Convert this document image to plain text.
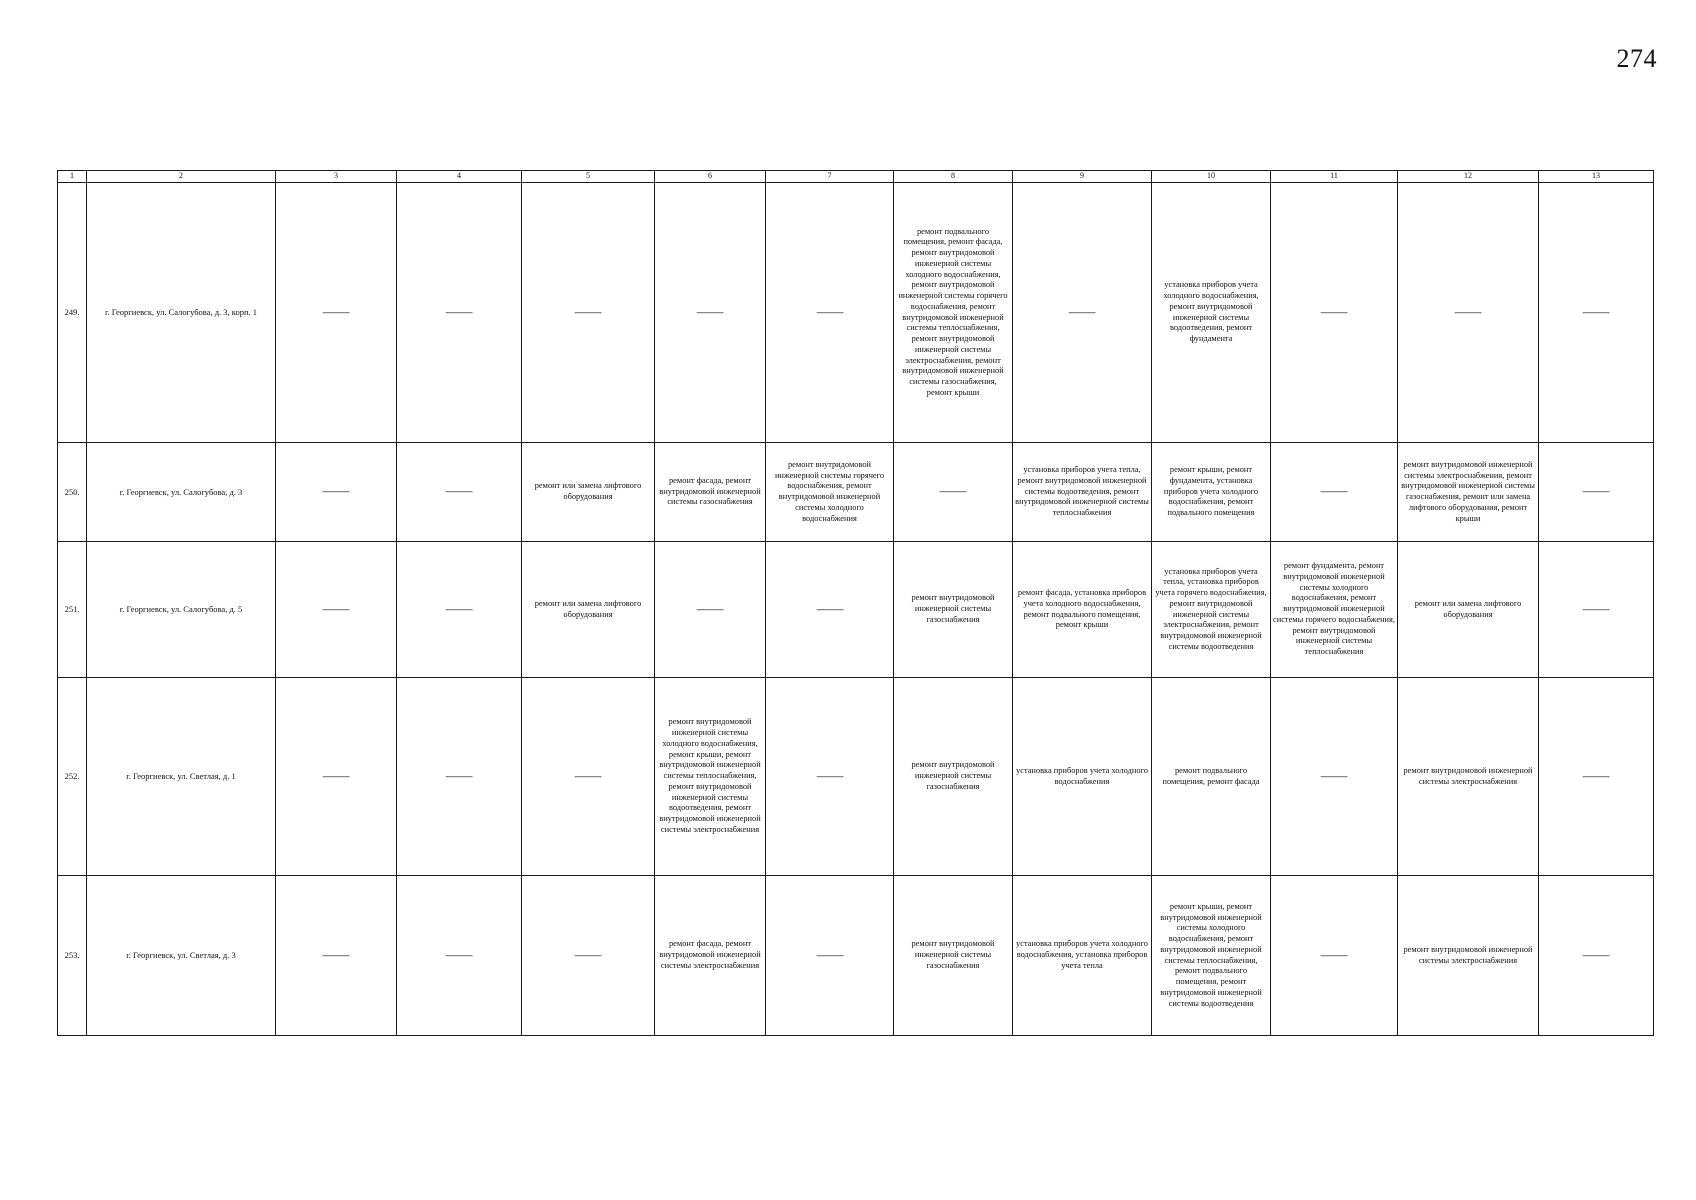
274
1	2	3	4	5	6	7	8	9	10	11	12	13
249.	г. Георгиевск, ул. Салогубова, д. 3, корп. 1	—	—	—	—	—	ремонт подвального помещения, ремонт фасада, ремонт внутридомовой инженерной системы холодного водоснабжения, ремонт внутридомовой инженерной системы горячего водоснабжения, ремонт внутридомовой инженерной системы теплоснабжения, ремонт внутридомовой инженерной системы электроснабжения, ремонт внутридомовой инженерной системы газоснабжения, ремонт крыши	—	установка приборов учета холодного водоснабжения, ремонт внутридомовой инженерной системы водоотведения, ремонт фундамента	—	—	—
250.	г. Георгиевск, ул. Салогубова, д. 3	—	—	ремонт или замена лифтового оборудования	ремонт фасада, ремонт внутридомовой инженерной системы газоснабжения	ремонт внутридомовой инженерной системы горячего водоснабжения, ремонт внутридомовой инженерной системы холодного водоснабжения	—	установка приборов учета тепла, ремонт внутридомовой инженерной системы водоотведения, ремонт внутридомовой инженерной системы теплоснабжения	ремонт крыши, ремонт фундамента, установка приборов учета холодного водоснабжения, ремонт подвального помещения	—	ремонт внутридомовой инженерной системы электроснабжения, ремонт внутридомовой инженерной системы газоснабжения, ремонт или замена лифтового оборудования, ремонт крыши	—
251.	г. Георгиевск, ул. Салогубова, д. 5	—	—	ремонт или замена лифтового оборудования	—	—	ремонт внутридомовой инженерной системы газоснабжения	ремонт фасада, установка приборов учета холодного водоснабжения, ремонт подвального помещения, ремонт крыши	установка приборов учета тепла, установка приборов учета горячего водоснабжения, ремонт внутридомовой инженерной системы электроснабжения, ремонт внутридомовой инженерной системы водоотведения	ремонт фундамента, ремонт внутридомовой инженерной системы холодного водоснабжения, ремонт внутридомовой инженерной системы горячего водоснабжения, ремонт внутридомовой инженерной системы теплоснабжения	ремонт или замена лифтового оборудования	—
252.	г. Георгиевск, ул. Светлая, д. 1	—	—	—	ремонт внутридомовой инженерной системы холодного водоснабжения, ремонт крыши, ремонт внутридомовой инженерной системы теплоснабжения, ремонт внутридомовой инженерной системы водоотведения, ремонт внутридомовой инженерной системы электроснабжения	—	ремонт внутридомовой инженерной системы газоснабжения	установка приборов учета холодного водоснабжения	ремонт подвального помещения, ремонт фасада	—	ремонт внутридомовой инженерной системы электроснабжения	—
253.	г. Георгиевск, ул. Светлая, д. 3	—	—	—	ремонт фасада, ремонт внутридомовой инженерной системы электроснабжения	—	ремонт внутридомовой инженерной системы газоснабжения	установка приборов учета холодного водоснабжения, установка приборов учета тепла	ремонт крыши, ремонт внутридомовой инженерной системы холодного водоснабжения, ремонт внутридомовой инженерной системы теплоснабжения, ремонт подвального помещения, ремонт внутридомовой инженерной системы водоотведения	—	ремонт внутридомовой инженерной системы электроснабжения	—
